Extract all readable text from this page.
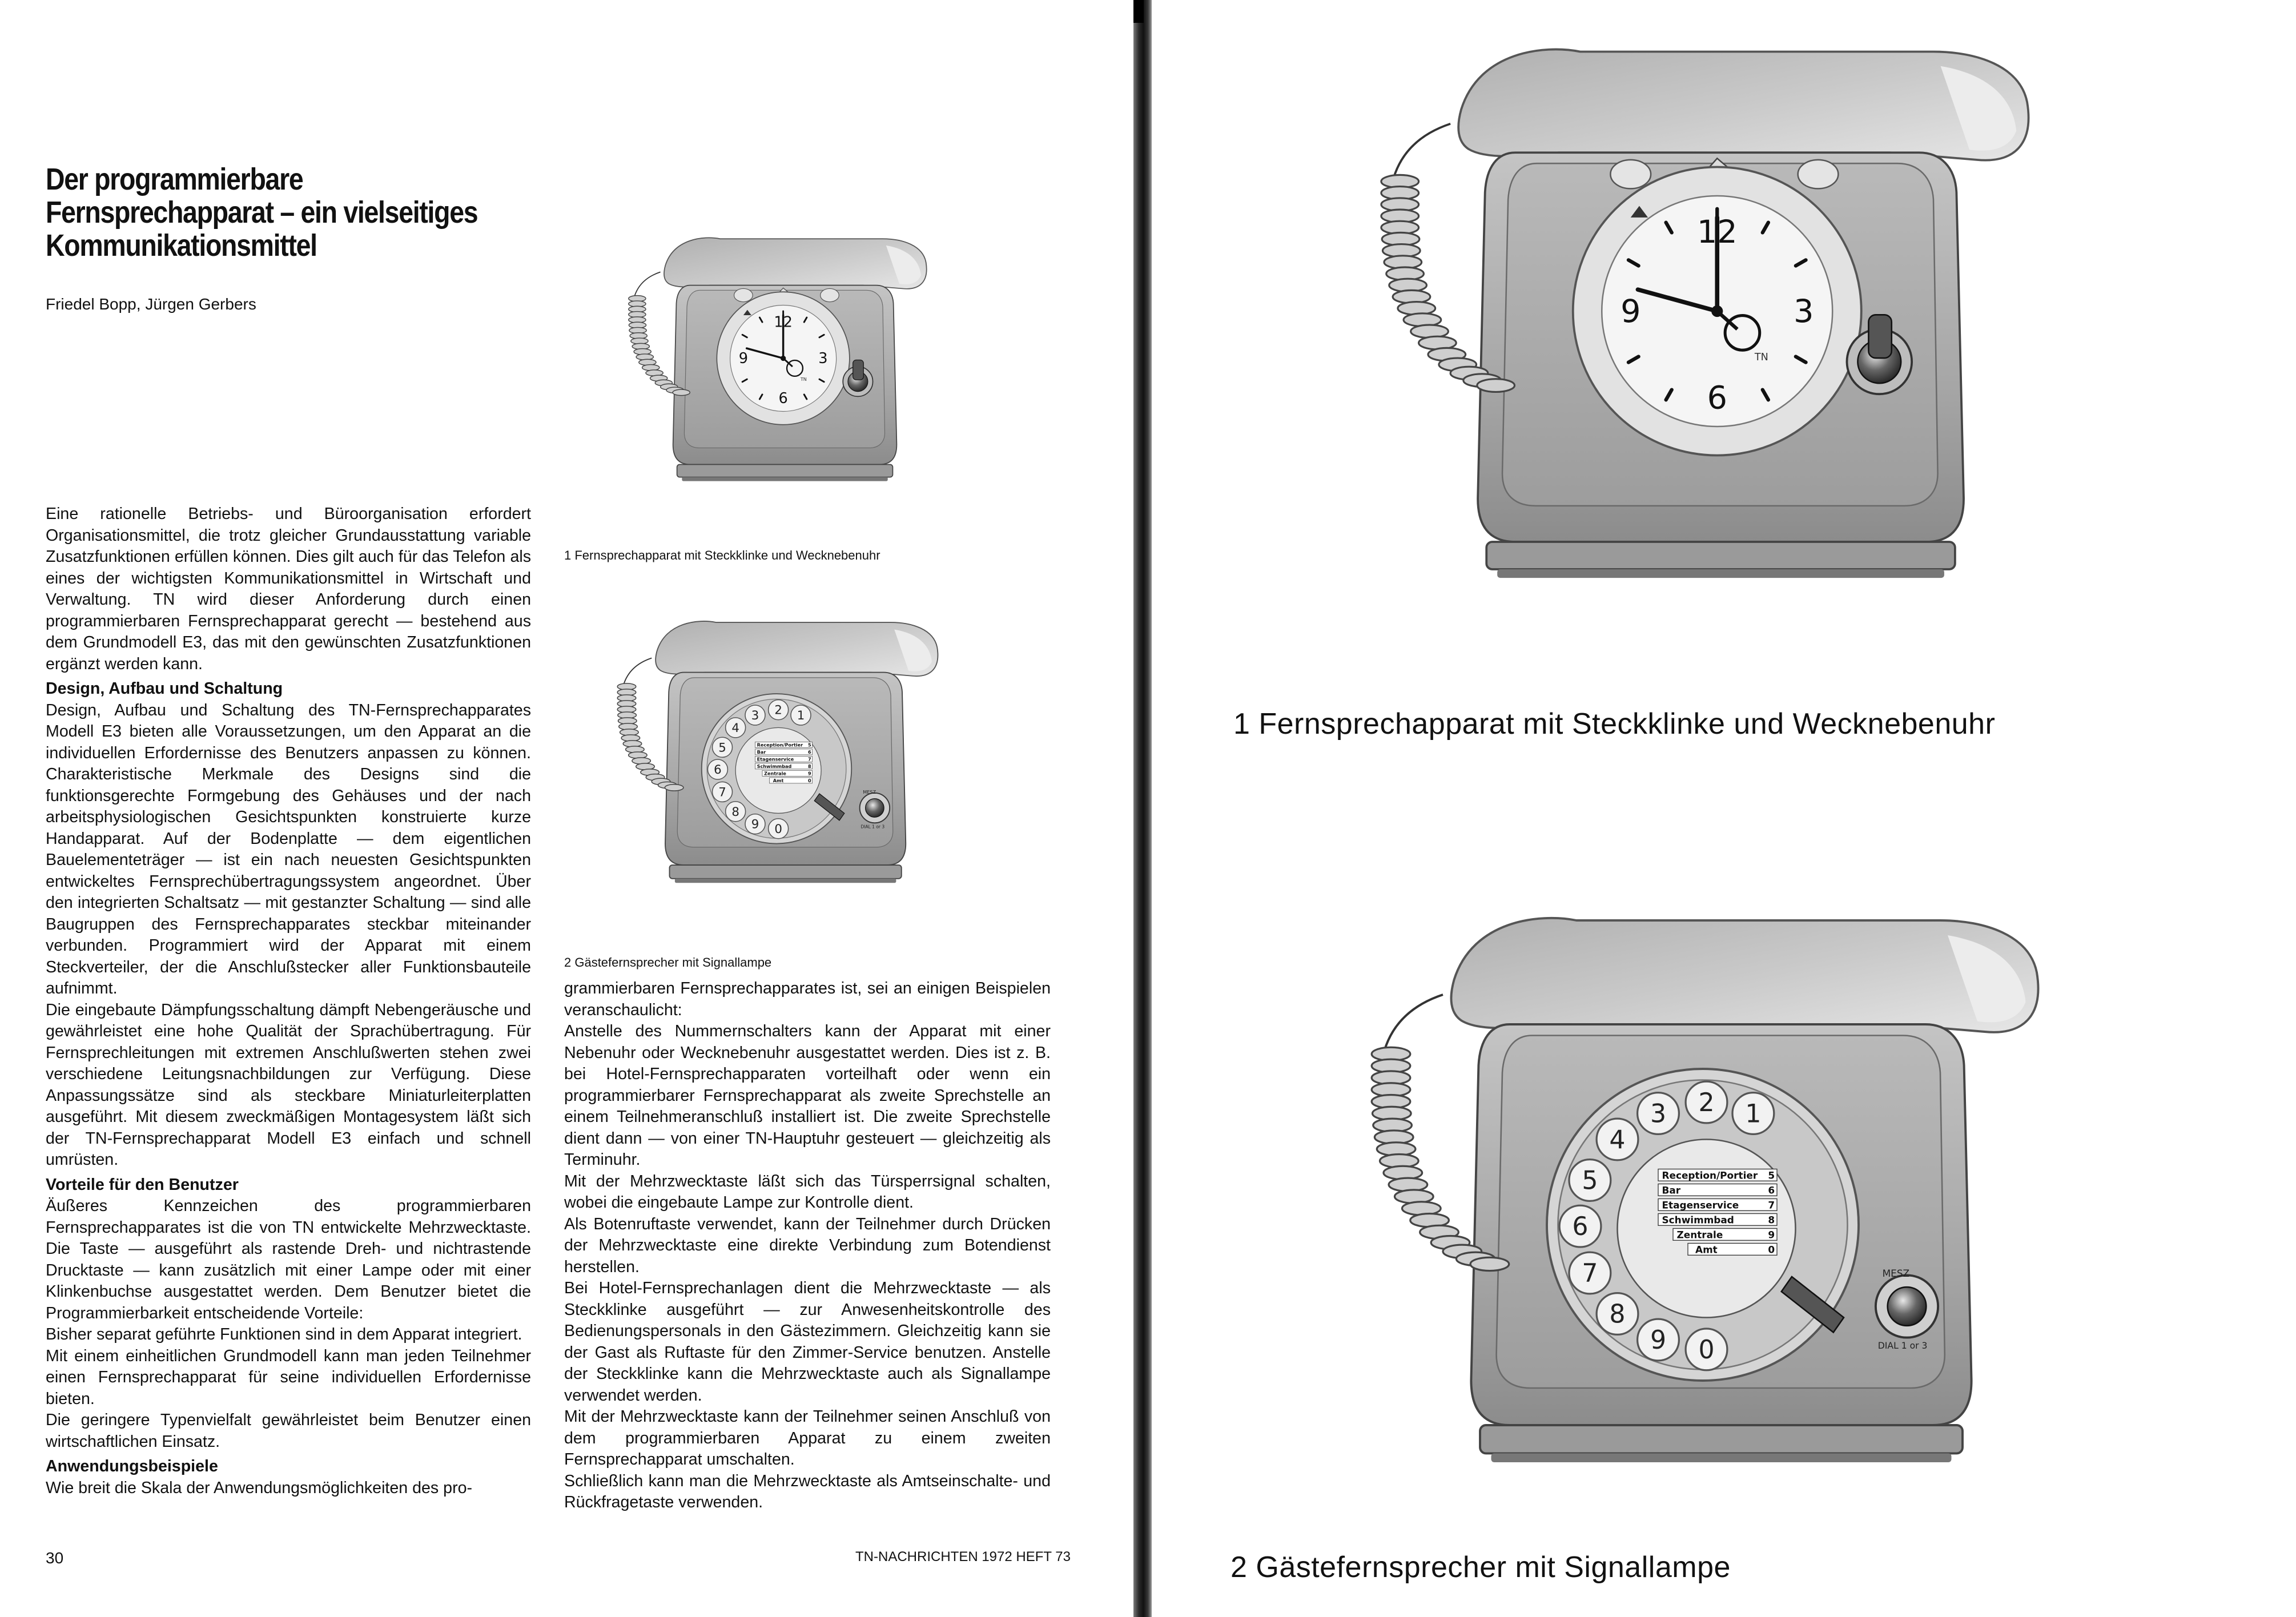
Der programmierbare
Fernsprechapparat – ein vielseitiges
Kommunikationsmittel
Friedel Bopp, Jürgen Gerbers
1 Fernsprechapparat mit Steckklinke und Wecknebenuhr
2 Gästefernsprecher mit Signallampe

Eine rationelle Betriebs- und Büroorganisation erfordert Organisationsmittel, die trotz gleicher Grundausstattung variable Zusatzfunktionen erfüllen können. Dies gilt auch für das Telefon als eines der wichtigsten Kommunikationsmittel in Wirtschaft und Verwaltung. TN wird dieser Anforderung durch einen programmierbaren Fernsprechapparat gerecht — bestehend aus dem Grundmodell E3, das mit den gewünschten Zusatzfunktionen ergänzt werden kann.

Design, Aufbau und Schaltung

Design, Aufbau und Schaltung des TN-Fernsprechapparates Modell E3 bieten alle Voraussetzungen, um den Apparat an die individuellen Erfordernisse des Benutzers anpassen zu können. Charakteristische Merkmale des Designs sind die funktionsgerechte Formgebung des Gehäuses und der nach arbeitsphysiologischen Gesichtspunkten konstruierte kurze Handapparat. Auf der Bodenplatte — dem eigentlichen Bauelementeträger — ist ein nach neuesten Gesichtspunkten entwickeltes Fernsprechübertragungssystem angeordnet. Über den integrierten Schaltsatz — mit gestanzter Schaltung — sind alle Baugruppen des Fernsprechapparates steckbar miteinander verbunden. Programmiert wird der Apparat mit einem Steckverteiler, der die Anschlußstecker aller Funktionsbauteile aufnimmt.

Die eingebaute Dämpfungsschaltung dämpft Nebengeräusche und gewährleistet eine hohe Qualität der Sprachübertragung. Für Fernsprechleitungen mit extremen Anschlußwerten stehen zwei verschiedene Leitungsnachbildungen zur Verfügung. Diese Anpassungssätze sind als steckbare Miniaturleiterplatten ausgeführt. Mit diesem zweckmäßigen Montagesystem läßt sich der TN-Fernsprechapparat Modell E3 einfach und schnell umrüsten.

Vorteile für den Benutzer

Äußeres Kennzeichen des programmierbaren Fernsprechapparates ist die von TN entwickelte Mehrzwecktaste. Die Taste — ausgeführt als rastende Dreh- und nichtrastende Drucktaste — kann zusätzlich mit einer Lampe oder mit einer Klinkenbuchse ausgestattet werden. Dem Benutzer bietet die Programmierbarkeit entscheidende Vorteile:

Bisher separat geführte Funktionen sind in dem Apparat integriert.

Mit einem einheitlichen Grundmodell kann man jeden Teilnehmer einen Fernsprechapparat für seine individuellen Erfordernisse bieten.

Die geringere Typenvielfalt gewährleistet beim Benutzer einen wirtschaftlichen Einsatz.

Anwendungsbeispiele

Wie breit die Skala der Anwendungsmöglichkeiten des pro-

grammierbaren Fernsprechapparates ist, sei an einigen Beispielen veranschaulicht:

Anstelle des Nummernschalters kann der Apparat mit einer Nebenuhr oder Wecknebenuhr ausgestattet werden. Dies ist z. B. bei Hotel-Fernsprechapparaten vorteilhaft oder wenn ein programmierbarer Fernsprechapparat als zweite Sprechstelle an einem Teilnehmeranschluß installiert ist. Die zweite Sprechstelle dient dann — von einer TN-Hauptuhr gesteuert — gleichzeitig als Terminuhr.

Mit der Mehrzwecktaste läßt sich das Türsperrsignal schalten, wobei die eingebaute Lampe zur Kontrolle dient.

Als Botenruftaste verwendet, kann der Teilnehmer durch Drücken der Mehrzwecktaste eine direkte Verbindung zum Botendienst herstellen.

Bei Hotel-Fernsprechanlagen dient die Mehrzwecktaste — als Steckklinke ausgeführt — zur Anwesenheitskontrolle des Bedienungspersonals in den Gästezimmern. Gleichzeitig kann sie der Gast als Ruftaste für den Zimmer-Service benutzen. Anstelle der Steckklinke kann die Mehrzwecktaste auch als Signallampe verwendet werden.

Mit der Mehrzwecktaste kann der Teilnehmer seinen Anschluß von dem programmierbaren Apparat zu einem zweiten Fernsprechapparat umschalten.

Schließlich kann man die Mehrzwecktaste als Amtseinschalte- und Rückfragetaste verwenden.

30	TN-NACHRICHTEN 1972 HEFT 73
1 Fernsprechapparat mit Steckklinke und Wecknebenuhr
2 Gästefernsprecher mit Signallampe
